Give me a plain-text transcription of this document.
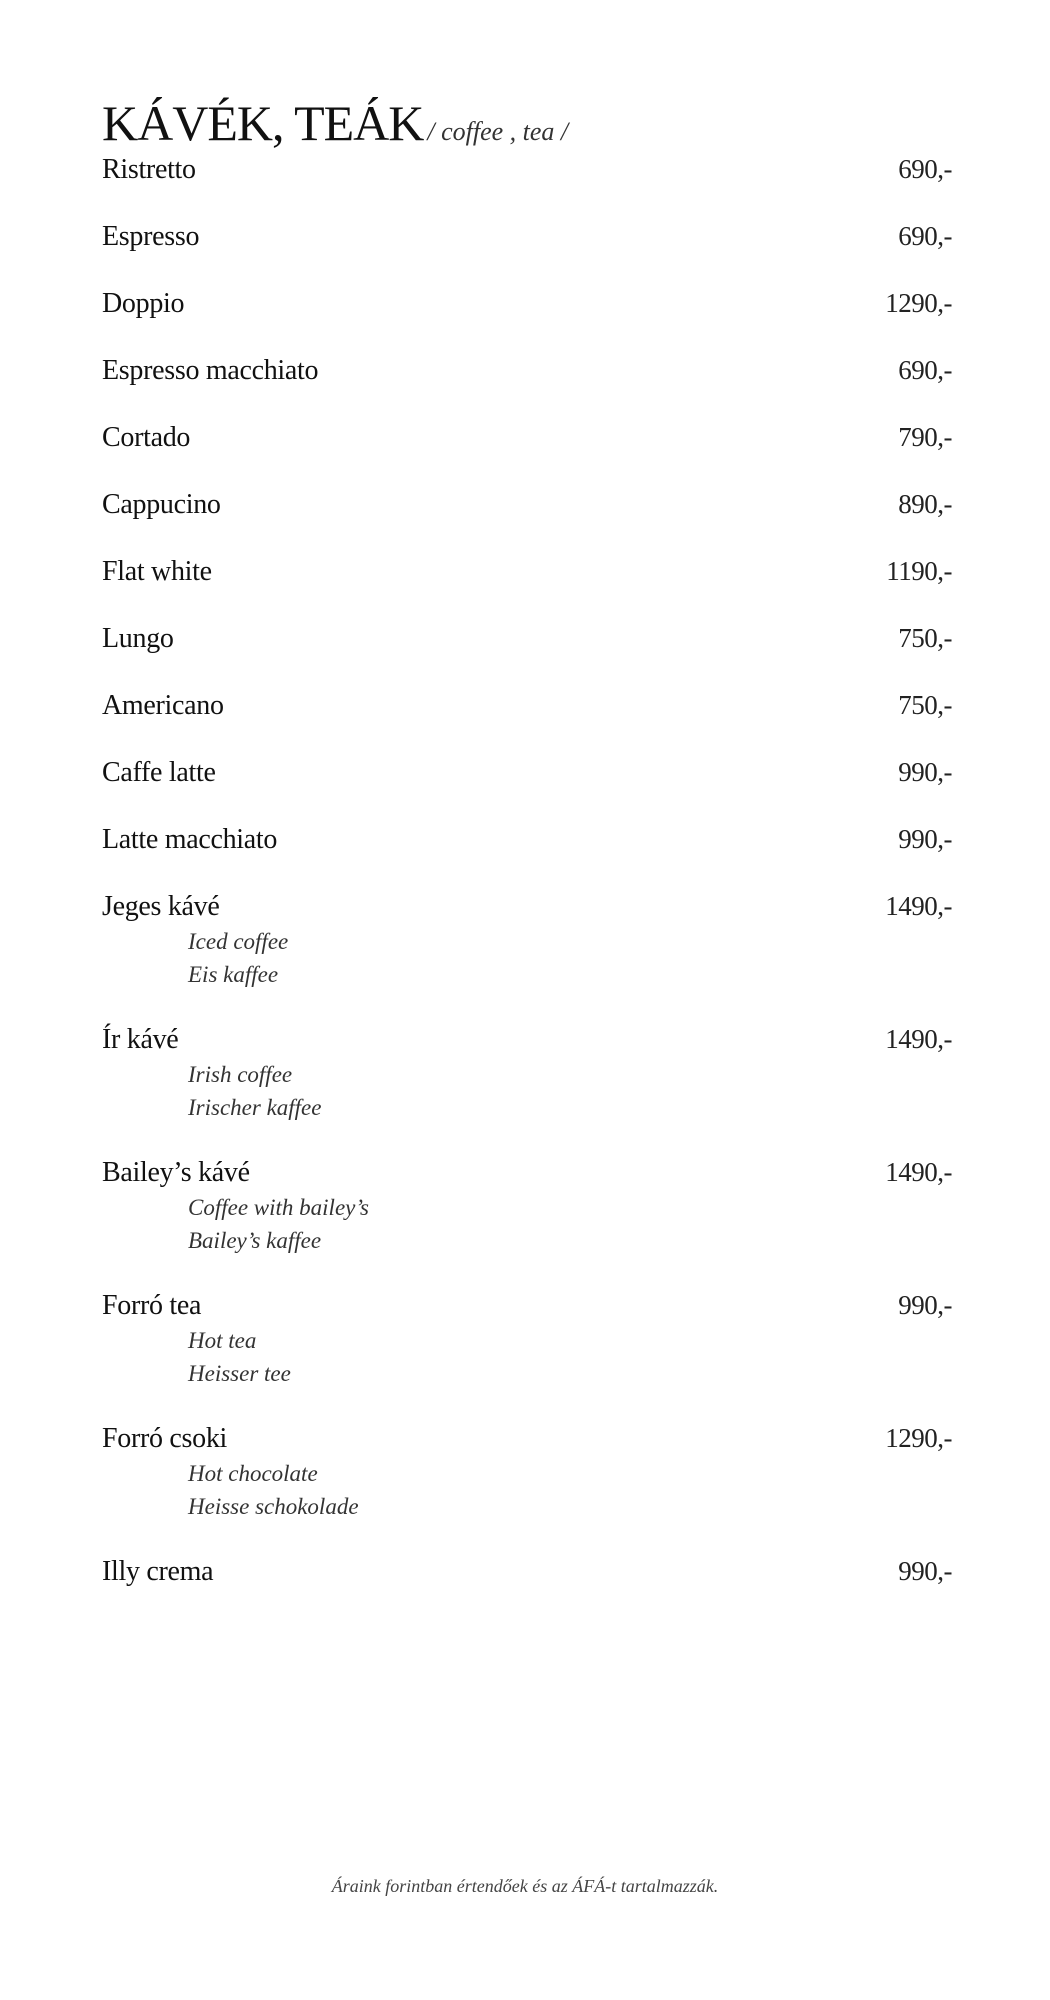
KÁVÉK, TEÁK / coffee , tea /
Ristretto	690,-
Espresso	690,-
Doppio	1290,-
Espresso macchiato	690,-
Cortado	790,-
Cappucino	890,-
Flat white	1190,-
Lungo	750,-
Americano	750,-
Caffe latte	990,-
Latte macchiato	990,-
Jeges kávé	1490,-
Iced coffee
Eis kaffee
Ír kávé	1490,-
Irish coffee
Irischer kaffee
Bailey’s kávé	1490,-
Coffee with bailey’s
Bailey’s kaffee
Forró tea	990,-
Hot tea
Heisser tee
Forró csoki	1290,-
Hot chocolate
Heisse schokolade
Illy crema	990,-
Áraink forintban értendőek és az ÁFÁ-t tartalmazzák.
